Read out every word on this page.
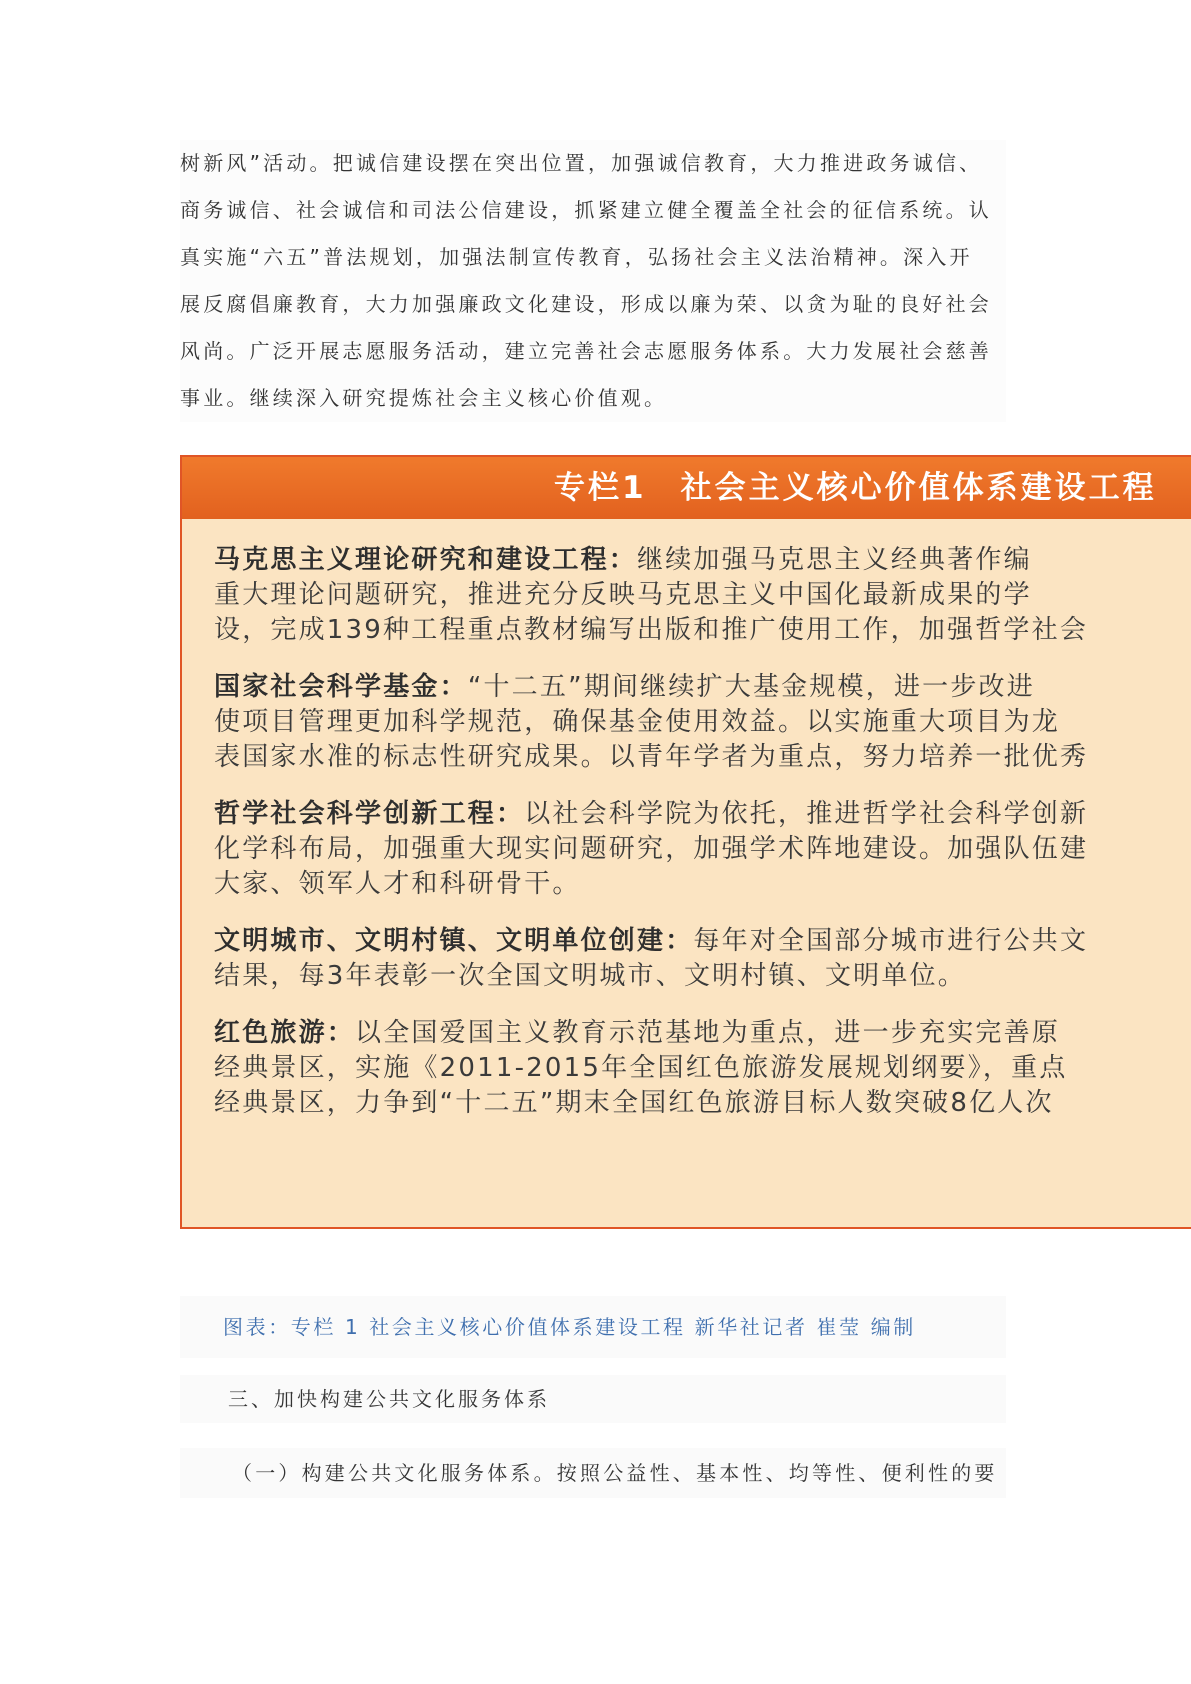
树新风”活动。把诚信建设摆在突出位置，加强诚信教育，大力推进政务诚信、
商务诚信、社会诚信和司法公信建设，抓紧建立健全覆盖全社会的征信系统。认
真实施“六五”普法规划，加强法制宣传教育，弘扬社会主义法治精神。深入开
展反腐倡廉教育，大力加强廉政文化建设，形成以廉为荣、以贪为耻的良好社会
风尚。广泛开展志愿服务活动，建立完善社会志愿服务体系。大力发展社会慈善
事业。继续深入研究提炼社会主义核心价值观。
专栏1　社会主义核心价值体系建设工程
马克思主义理论研究和建设工程：继续加强马克思主义经典著作编
重大理论问题研究，推进充分反映马克思主义中国化最新成果的学
设，完成139种工程重点教材编写出版和推广使用工作，加强哲学社会
国家社会科学基金：“十二五”期间继续扩大基金规模，进一步改进
使项目管理更加科学规范，确保基金使用效益。以实施重大项目为龙
表国家水准的标志性研究成果。以青年学者为重点，努力培养一批优秀
哲学社会科学创新工程：以社会科学院为依托，推进哲学社会科学创新
化学科布局，加强重大现实问题研究，加强学术阵地建设。加强队伍建
大家、领军人才和科研骨干。
文明城市、文明村镇、文明单位创建：每年对全国部分城市进行公共文
结果，每3年表彰一次全国文明城市、文明村镇、文明单位。
红色旅游：以全国爱国主义教育示范基地为重点，进一步充实完善原
经典景区，实施《2011-2015年全国红色旅游发展规划纲要》，重点
经典景区，力争到“十二五”期末全国红色旅游目标人数突破8亿人次
图表：专栏 1 社会主义核心价值体系建设工程 新华社记者 崔莹 编制
三、加快构建公共文化服务体系
（一）构建公共文化服务体系。按照公益性、基本性、均等性、便利性的要
